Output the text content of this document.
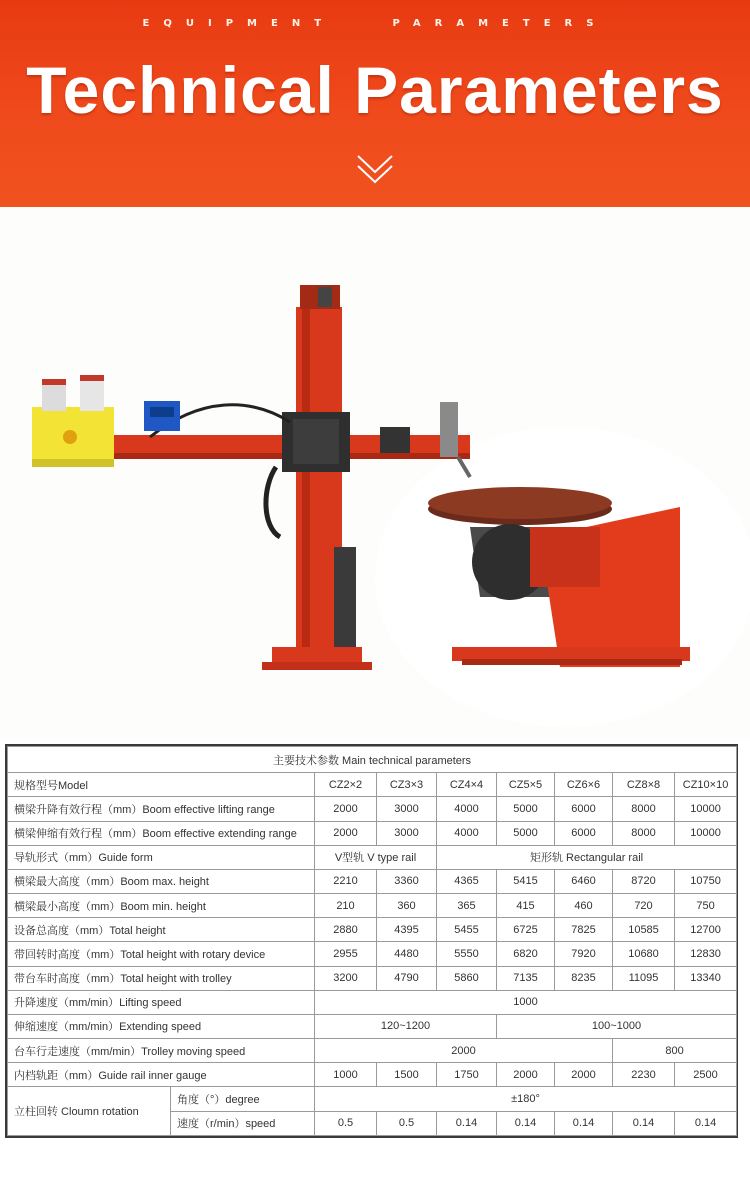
EQUIPMENT	PARAMETERS
Technical Parameters
主要技术参数 Main technical parameters								
规格型号Model		CZ2×2	CZ3×3	CZ4×4	CZ5×5	CZ6×6	CZ8×8	CZ10×10
横梁升降有效行程（mm）Boom effective lifting range		2000	3000	4000	5000	6000	8000	10000
横梁伸缩有效行程（mm）Boom effective extending range		2000	3000	4000	5000	6000	8000	10000
导轨形式（mm）Guide form		V型轨 V type rail		矩形轨 Rectangular rail				
横梁最大高度（mm）Boom max. height		2210	3360	4365	5415	6460	8720	10750
横梁最小高度（mm）Boom min. height		210	360	365	415	460	720	750
设备总高度（mm）Total height		2880	4395	5455	6725	7825	10585	12700
带回转时高度（mm）Total height with rotary device		2955	4480	5550	6820	7920	10680	12830
带台车时高度（mm）Total height with trolley		3200	4790	5860	7135	8235	11095	13340
升降速度（mm/min）Lifting speed		1000						
伸缩速度（mm/min）Extending speed		120~1200			100~1000			
台车行走速度（mm/min）Trolley moving speed		2000					800	
内档轨距（mm）Guide rail inner gauge		1000	1500	1750	2000	2000	2230	2500
立柱回转 Cloumn rotation	角度（°）degree	±180°						
	速度（r/min）speed	0.5	0.5	0.14	0.14	0.14	0.14	0.14
